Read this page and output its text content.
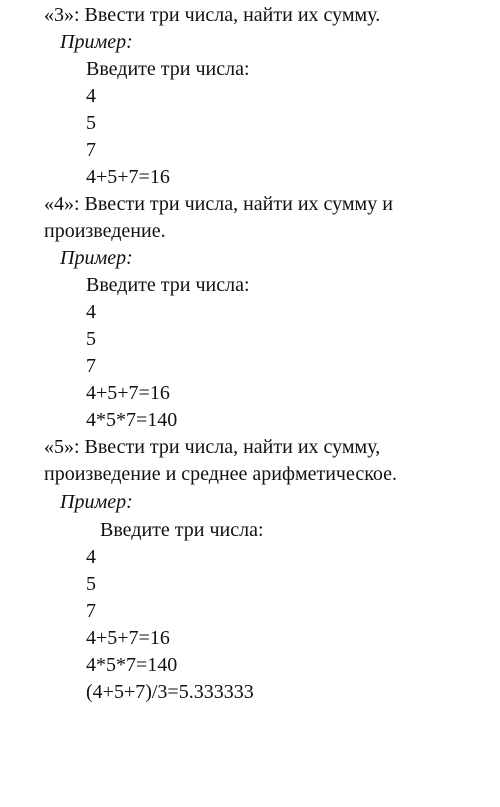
«3»: Ввести три числа, найти их сумму.
Пример:
Введите три числа:
4
5
7
4+5+7=16
«4»: Ввести три числа, найти их сумму и
произведение.
Пример:
Введите три числа:
4
5
7
4+5+7=16
4*5*7=140
«5»: Ввести три числа, найти их сумму,
произведение и среднее арифметическое.
Пример:
Введите три числа:
4
5
7
4+5+7=16
4*5*7=140
(4+5+7)/3=5.333333
